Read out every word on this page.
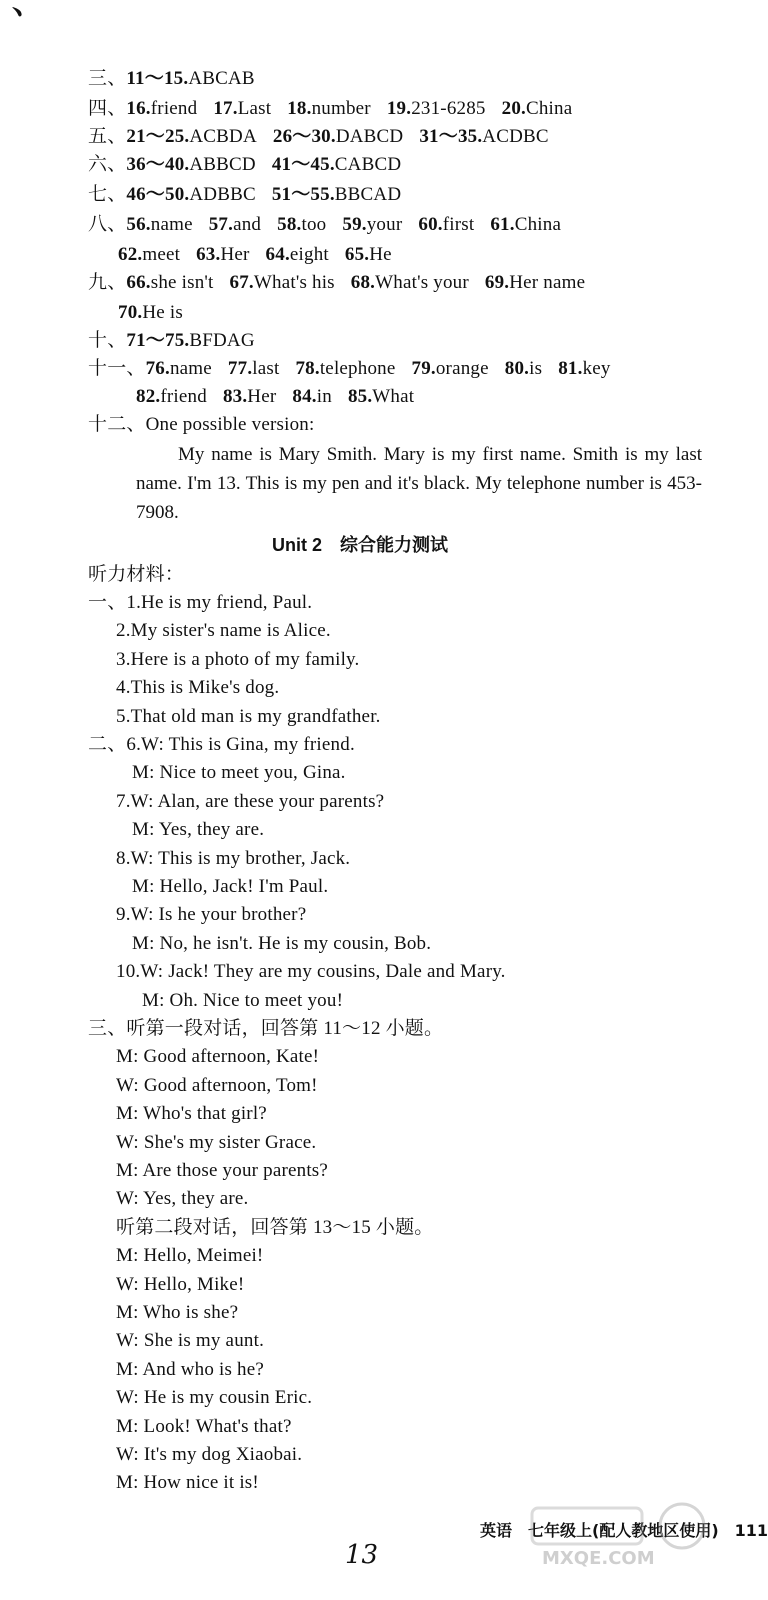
﹅
三、11～15.ABCAB
四、16.friend 17.Last 18.number 19.231-6285 20.China
五、21～25.ACBDA 26～30.DABCD 31～35.ACDBC
六、36～40.ABBCD 41～45.CABCD
七、46～50.ADBBC 51～55.BBCAD
八、56.name 57.and 58.too 59.your 60.first 61.China
62.meet 63.Her 64.eight 65.He
九、66.she isn't 67.What's his 68.What's your 69.Her name
70.He is
十、71～75.BFDAG
十一、76.name 77.last 78.telephone 79.orange 80.is 81.key
82.friend 83.Her 84.in 85.What
十二、One possible version:
My name is Mary Smith. Mary is my first name. Smith is my last name. I'm 13. This is my pen and it's black. My telephone number is 453-7908.
Unit 2　综合能力测试
听力材料：
一、1.He is my friend, Paul.
2.My sister's name is Alice.
3.Here is a photo of my family.
4.This is Mike's dog.
5.That old man is my grandfather.
二、6.W: This is Gina, my friend.
M: Nice to meet you, Gina.
7.W: Alan, are these your parents?
M: Yes, they are.
8.W: This is my brother, Jack.
M: Hello, Jack! I'm Paul.
9.W: Is he your brother?
M: No, he isn't. He is my cousin, Bob.
10.W: Jack! They are my cousins, Dale and Mary.
M: Oh. Nice to meet you!
三、听第一段对话，回答第 11～12 小题。
M: Good afternoon, Kate!
W: Good afternoon, Tom!
M: Who's that girl?
W: She's my sister Grace.
M: Are those your parents?
W: Yes, they are.
听第二段对话，回答第 13～15 小题。
M: Hello, Meimei!
W: Hello, Mike!
M: Who is she?
W: She is my aunt.
M: And who is he?
W: He is my cousin Eric.
M: Look! What's that?
W: It's my dog Xiaobai.
M: How nice it is!
英语　七年级上(配人教地区使用)　111
13	MXQE.COM
